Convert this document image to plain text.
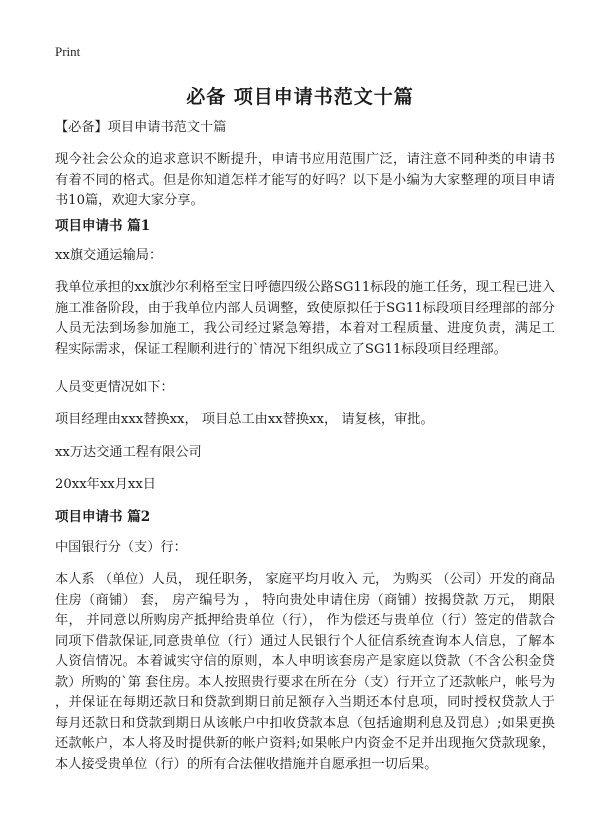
Print
必备 项目申请书范文十篇

【必备】项目申请书范文十篇

现今社会公众的追求意识不断提升，申请书应用范围广泛，请注意不同种类的申请书有着不同的格式。但是你知道怎样才能写的好吗？以下是小编为大家整理的项目申请书10篇，欢迎大家分享。

项目申请书 篇1
xx旗交通运输局：

我单位承担的xx旗沙尔利格至宝日呼德四级公路SG11标段的施工任务，现工程已进入施工准备阶段，由于我单位内部人员调整，致使原拟任于SG11标段项目经理部的部分人员无法到场参加施工，我公司经过紧急筹措，本着对工程质量、进度负责，满足工程实际需求，保证工程顺利进行的`情况下组织成立了SG11标段项目经理部。

人员变更情况如下：
项目经理由xxx替换xx， 项目总工由xx替换xx， 请复核，审批。
xx万达交通工程有限公司
20xx年xx月xx日
项目申请书 篇2
中国银行分（支）行：

本人系 （单位）人员， 现任职务， 家庭平均月收入 元， 为购买 （公司）开发的商品住房（商铺） 套， 房产编号为 ， 特向贵处申请住房（商铺）按揭贷款 万元， 期限 年， 并同意以所购房产抵押给贵单位（行）， 作为偿还与贵单位（行）签定的借款合同项下借款保证,同意贵单位（行）通过人民银行个人征信系统查询本人信息，了解本人资信情况。本着诚实守信的原则，本人申明该套房产是家庭以贷款（不含公积金贷款）所购的`第 套住房。本人按照贵行要求在所在分（支）行开立了还款帐户，帐号为 ，并保证在每期还款日和贷款到期日前足额存入当期还本付息项，同时授权贷款人于每月还款日和贷款到期日从该帐户中扣收贷款本息（包括逾期利息及罚息）;如果更换还款帐户，本人将及时提供新的帐户资料;如果帐户内资金不足并出现拖欠贷款现象，本人接受贵单位（行）的所有合法催收措施并自愿承担一切后果。
